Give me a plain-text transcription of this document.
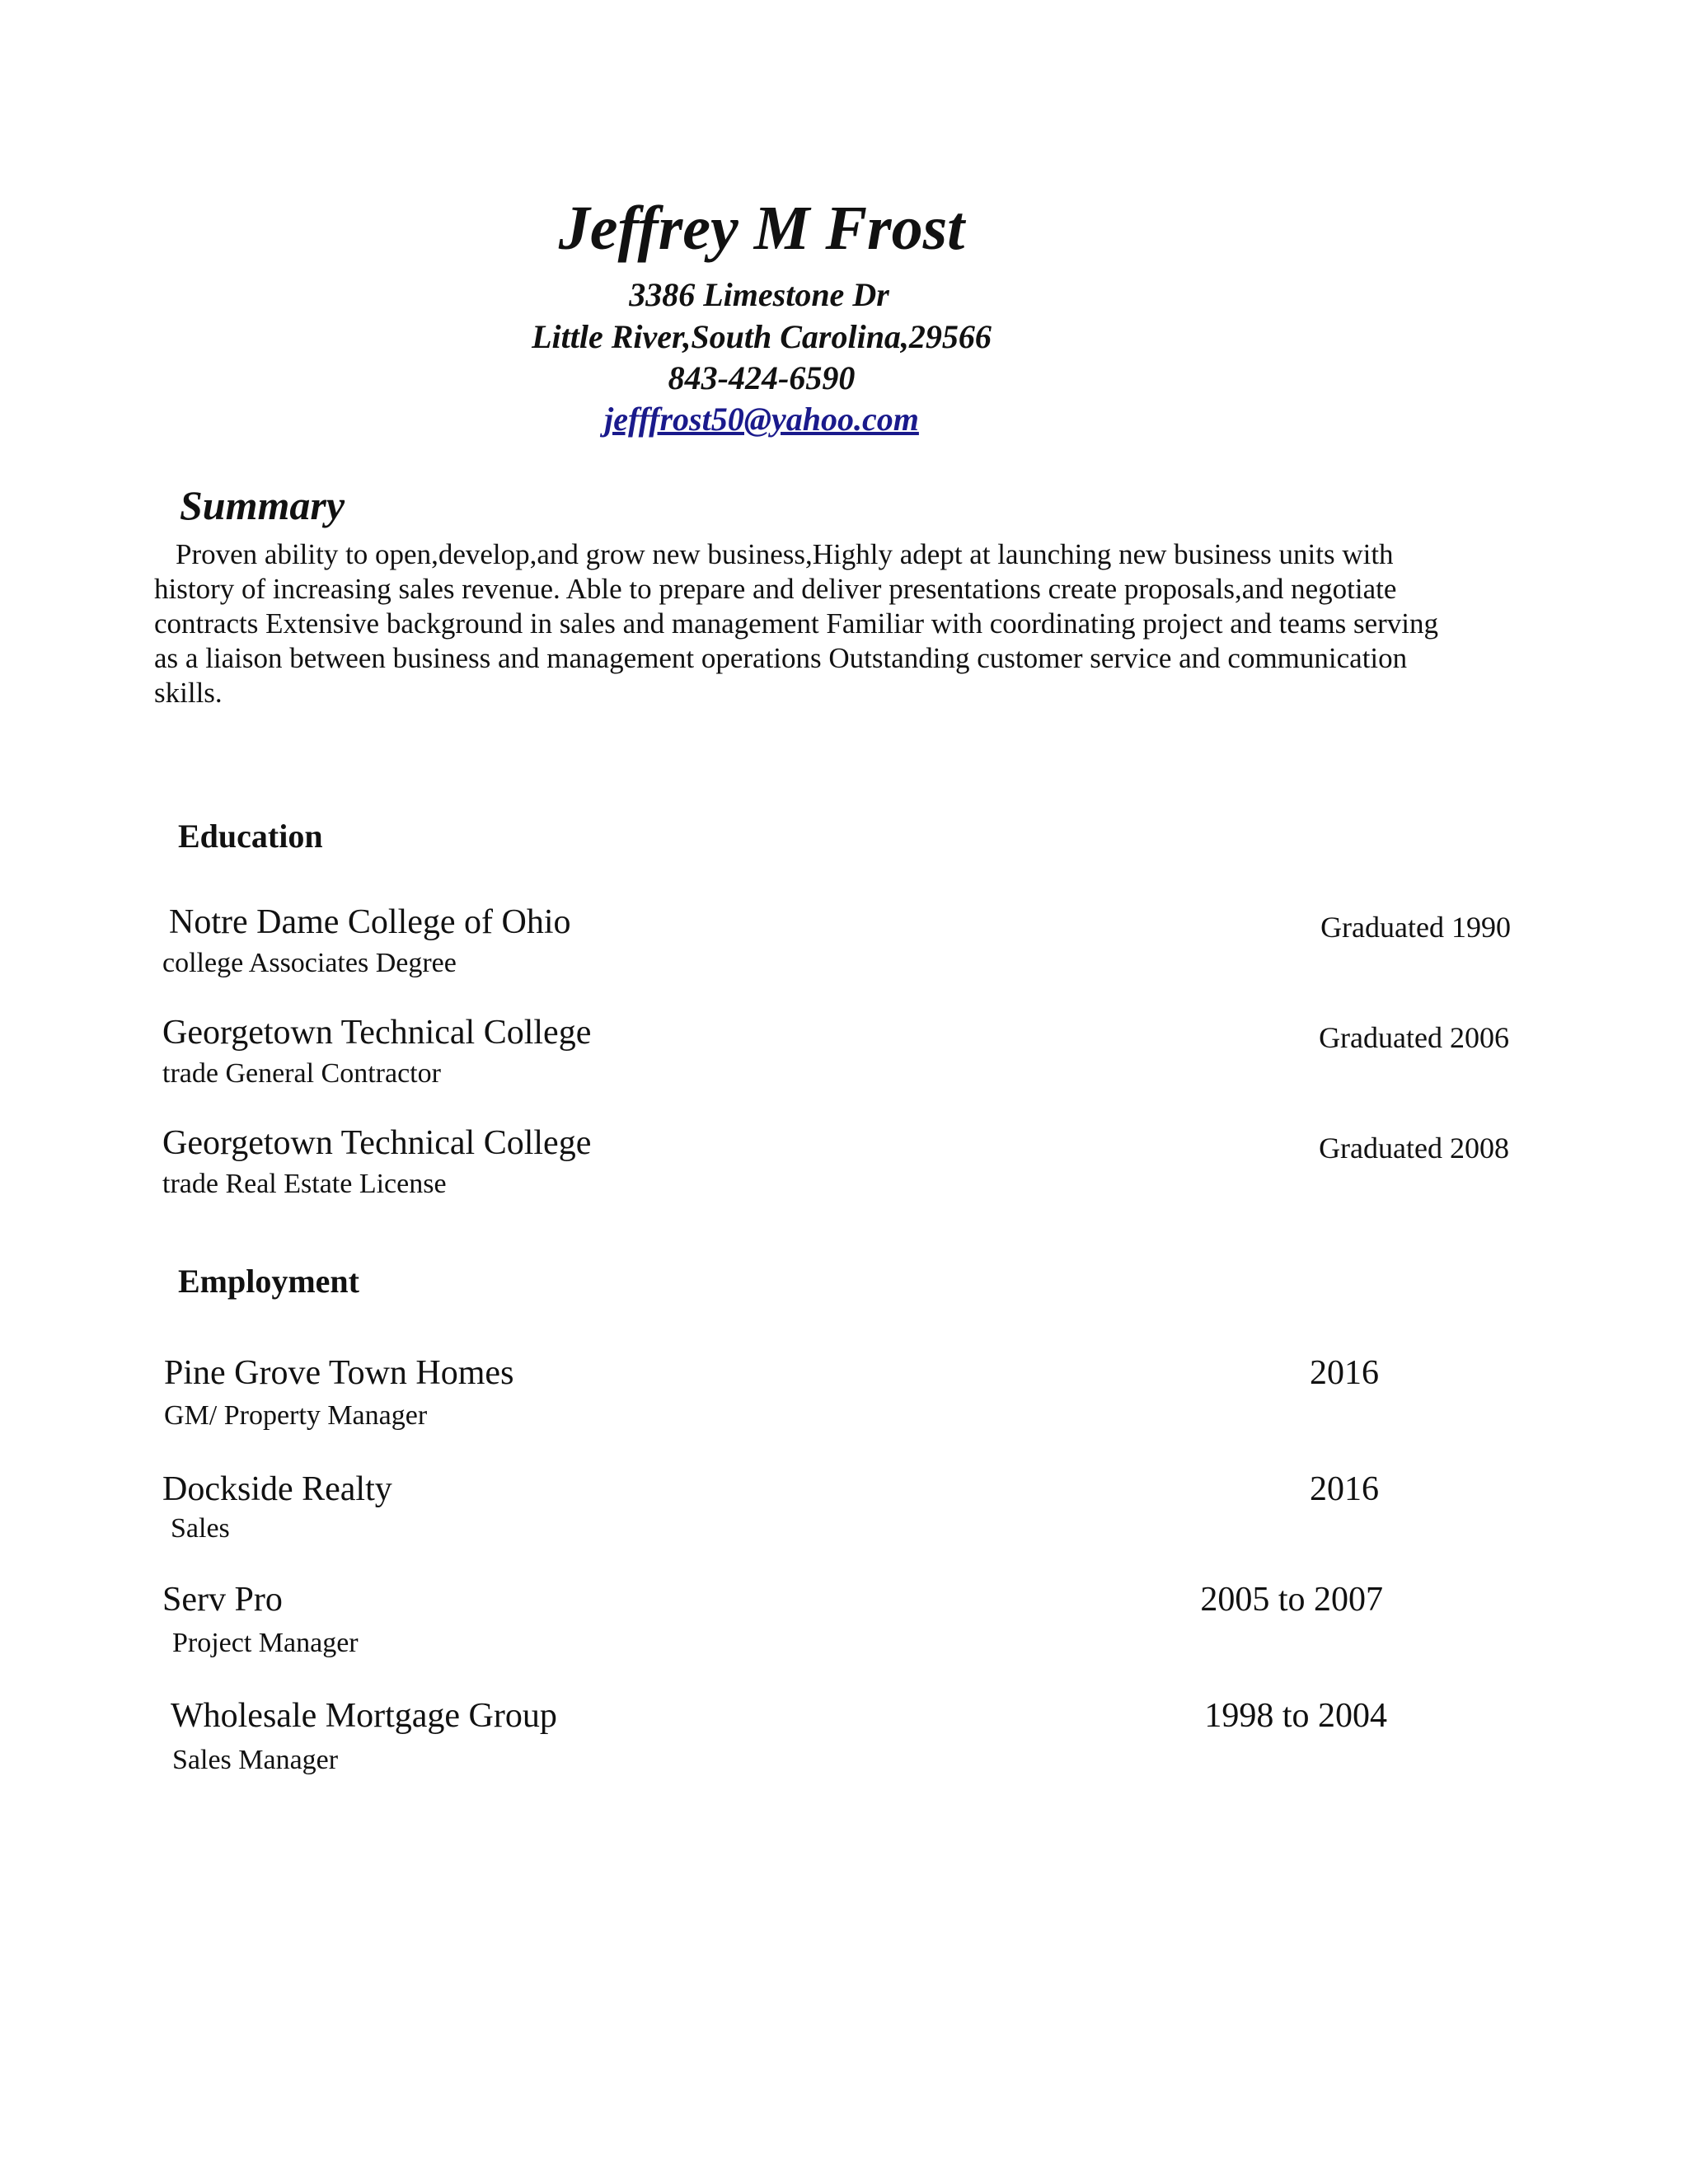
Jeffrey M Frost
3386 Limestone Dr
Little River,South Carolina,29566
843-424-6590
jefffrost50@yahoo.com
Summary
Proven ability to open,develop,and grow new business,Highly adept at launching new business units with
history of increasing sales revenue. Able to prepare and deliver presentations create proposals,and negotiate
contracts Extensive background in sales and management Familiar with coordinating project and teams serving
as a liaison between business and management operations Outstanding customer service and communication
skills.
Education
Notre Dame College of Ohio
college Associates Degree
Graduated 1990
Georgetown Technical College
trade General Contractor
Graduated 2006
Georgetown Technical College
trade Real Estate License
Graduated 2008
Employment
Pine Grove Town Homes
GM/ Property Manager
2016
Dockside Realty
Sales
2016
Serv Pro
Project Manager
2005 to 2007
Wholesale Mortgage Group
Sales Manager
1998 to 2004
